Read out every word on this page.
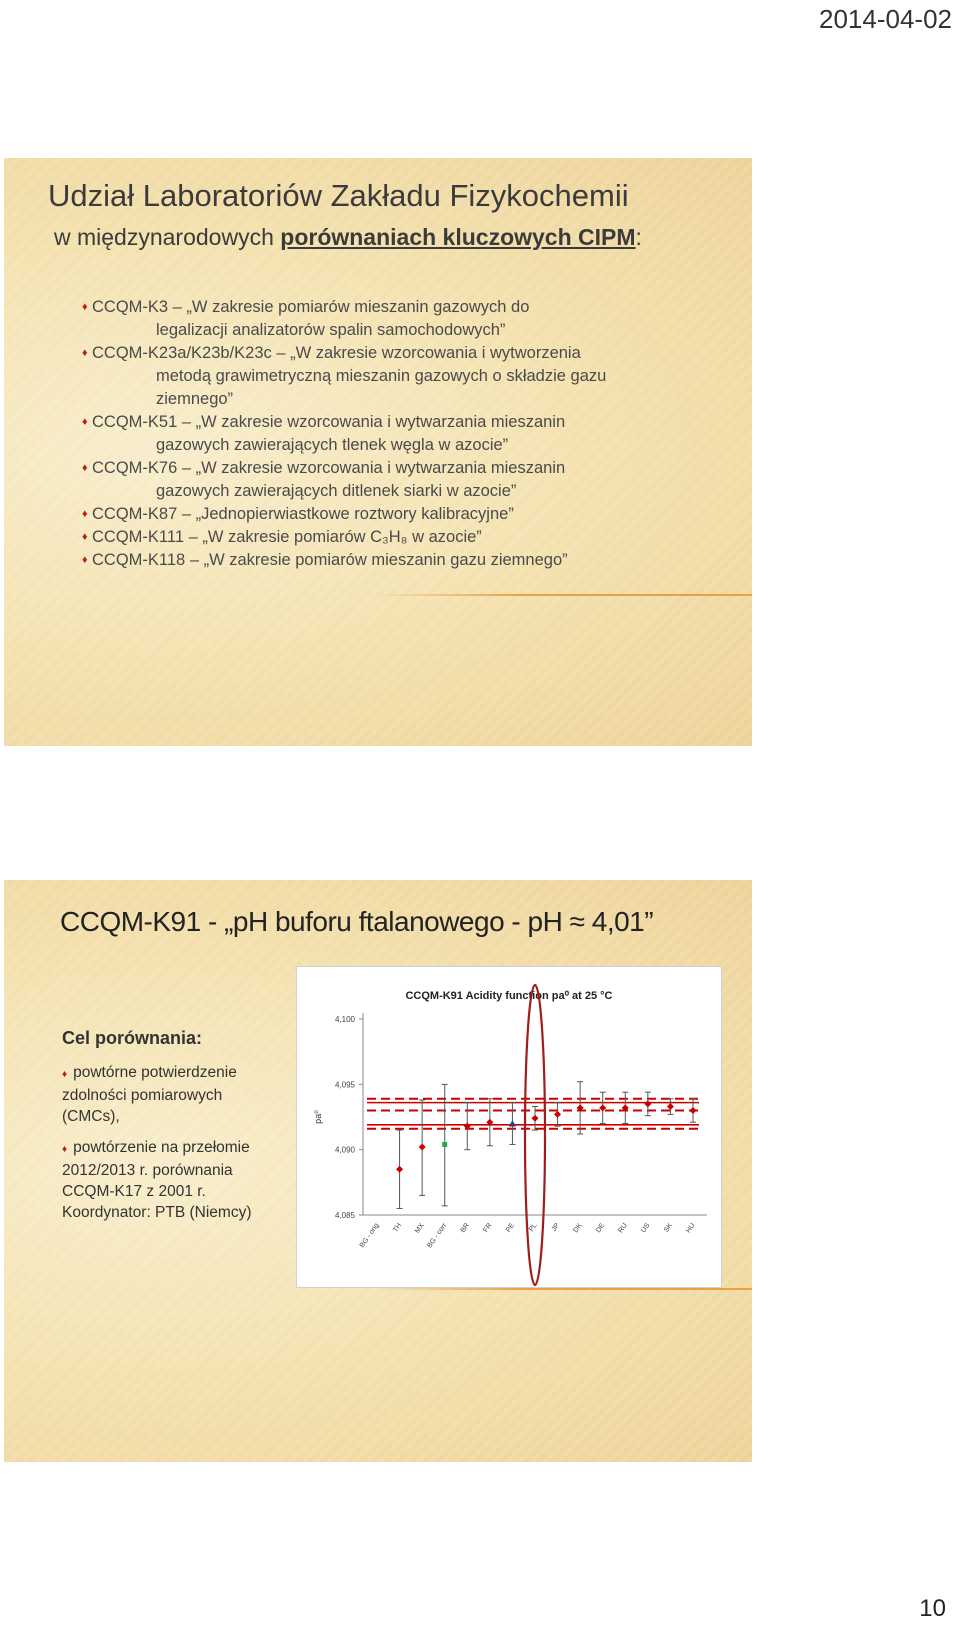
2014-04-02
Udział Laboratoriów Zakładu Fizykochemii
w międzynarodowych porównaniach kluczowych CIPM:
♦ CCQM-K3 – „W zakresie pomiarów mieszanin gazowych do
legalizacji analizatorów spalin samochodowych”
♦ CCQM-K23a/K23b/K23c – „W zakresie wzorcowania i wytworzenia
metodą grawimetryczną mieszanin gazowych o składzie gazu
ziemnego”
♦ CCQM-K51 – „W zakresie wzorcowania i wytwarzania mieszanin
gazowych zawierających tlenek węgla w azocie”
♦ CCQM-K76 – „W zakresie wzorcowania i wytwarzania mieszanin
gazowych zawierających ditlenek siarki w azocie”
♦ CCQM-K87 – „Jednopierwiastkowe roztwory kalibracyjne”
♦ CCQM-K111 – „W zakresie pomiarów C₃H₈ w azocie”
♦ CCQM-K118 – „W zakresie pomiarów mieszanin gazu ziemnego”
CCQM-K91 - „pH buforu ftalanowego - pH ≈ 4,01”
Cel porównania:
♦ powtórne potwierdzenie zdolności pomiarowych (CMCs),
♦ powtórzenie na przełomie 2012/2013 r. porównania CCQM-K17 z 2001 r.
Koordynator: PTB (Niemcy)
CCQM-K91 Acidity function pa⁰ at 25 °C
4,100
4,095
4,090
4,085
pa⁰
BG - orig TH MX BG - corr BR FR PE PL JP DK DE RU US SK HU
10
